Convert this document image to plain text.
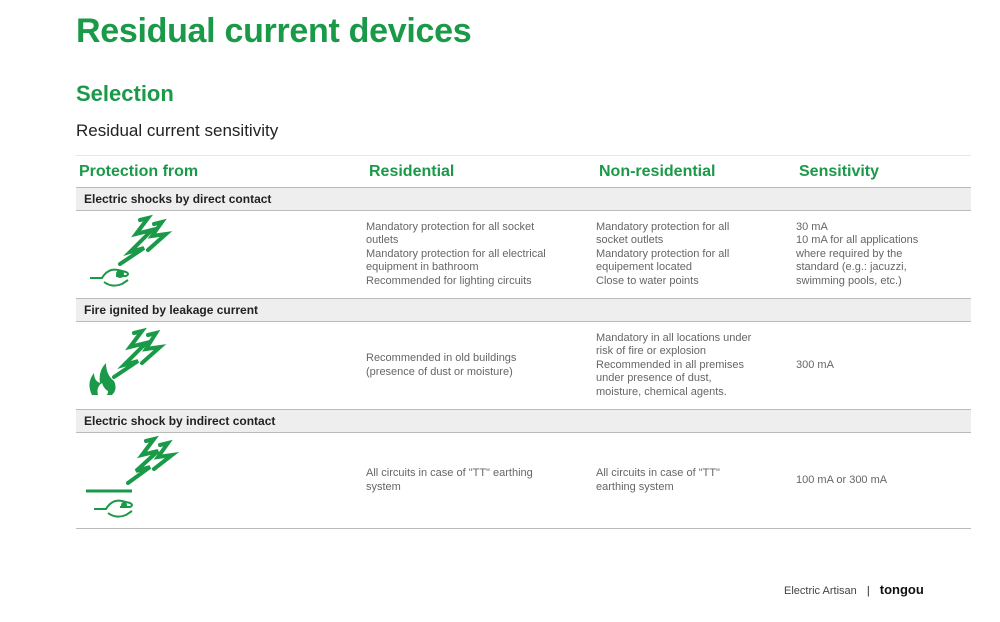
Residual current devices
Selection
Residual current sensitivity
Protection from	Residential	Non-residential	Sensitivity
Electric shocks by direct contact			
	Mandatory protection for all socket
outlets
Mandatory protection for all electrical
equipment in bathroom
Recommended for lighting circuits	Mandatory protection for all
socket outlets
Mandatory protection for all
equipement located
Close to water points	30 mA
10 mA for all applications
where required by the
standard (e.g.: jacuzzi,
swimming pools, etc.)
Fire ignited by leakage current			
	Recommended in old buildings
(presence of dust or moisture)	Mandatory in all locations under
risk of fire or explosion
Recommended in all premises
under presence of dust,
moisture, chemical agents.	300 mA
Electric shock by indirect contact			
	All circuits in case of "TT" earthing
system	All circuits in case of "TT"
earthing system	100 mA or 300 mA
Electric Artisan | tongou
